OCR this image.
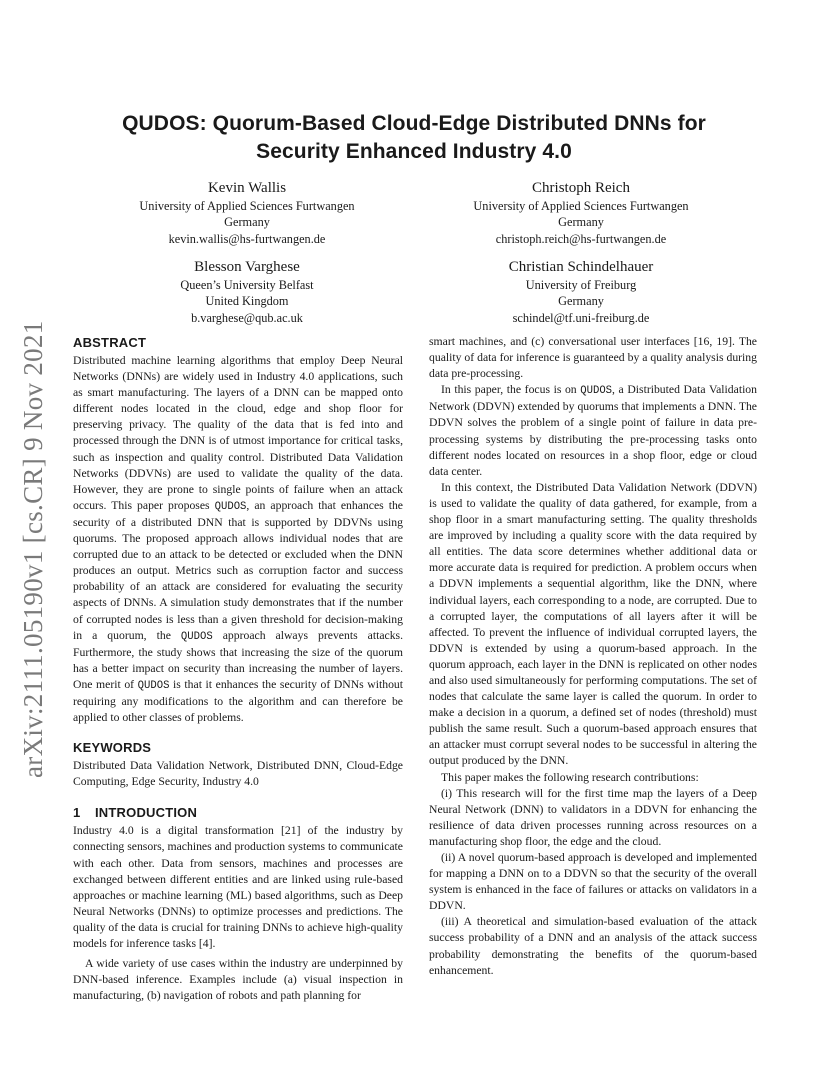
arXiv:2111.05190v1 [cs.CR] 9 Nov 2021
QUDOS: Quorum-Based Cloud-Edge Distributed DNNs for
Security Enhanced Industry 4.0
Kevin Wallis
University of Applied Sciences Furtwangen
Germany
kevin.wallis@hs-furtwangen.de
Christoph Reich
University of Applied Sciences Furtwangen
Germany
christoph.reich@hs-furtwangen.de
Blesson Varghese
Queen’s University Belfast
United Kingdom
b.varghese@qub.ac.uk
Christian Schindelhauer
University of Freiburg
Germany
schindel@tf.uni-freiburg.de
ABSTRACT

Distributed machine learning algorithms that employ Deep Neural Networks (DNNs) are widely used in Industry 4.0 applications, such as smart manufacturing. The layers of a DNN can be mapped onto different nodes located in the cloud, edge and shop floor for preserving privacy. The quality of the data that is fed into and processed through the DNN is of utmost importance for critical tasks, such as inspection and quality control. Distributed Data Validation Networks (DDVNs) are used to validate the quality of the data. However, they are prone to single points of failure when an attack occurs. This paper proposes QUDOS, an approach that enhances the security of a distributed DNN that is supported by DDVNs using quorums. The proposed approach allows individual nodes that are corrupted due to an attack to be detected or excluded when the DNN produces an output. Metrics such as corruption factor and success probability of an attack are considered for evaluating the security aspects of DNNs. A simulation study demonstrates that if the number of corrupted nodes is less than a given threshold for decision-making in a quorum, the QUDOS approach always prevents attacks. Furthermore, the study shows that increasing the size of the quorum has a better impact on security than increasing the number of layers. One merit of QUDOS is that it enhances the security of DNNs without requiring any modifications to the algorithm and can therefore be applied to other classes of problems.

KEYWORDS

Distributed Data Validation Network, Distributed DNN, Cloud-Edge Computing, Edge Security, Industry 4.0

1 INTRODUCTION

Industry 4.0 is a digital transformation [21] of the industry by connecting sensors, machines and production systems to communicate with each other. Data from sensors, machines and processes are exchanged between different entities and are linked using rule-based approaches or machine learning (ML) based algorithms, such as Deep Neural Networks (DNNs) to optimize processes and predictions. The quality of the data is crucial for training DNNs to achieve high-quality models for inference tasks [4].

A wide variety of use cases within the industry are underpinned by DNN-based inference. Examples include (a) visual inspection in manufacturing, (b) navigation of robots and path planning for

smart machines, and (c) conversational user interfaces [16, 19]. The quality of data for inference is guaranteed by a quality analysis during data pre-processing.

In this paper, the focus is on QUDOS, a Distributed Data Validation Network (DDVN) extended by quorums that implements a DNN. The DDVN solves the problem of a single point of failure in data pre-processing systems by distributing the pre-processing tasks onto different nodes located on resources in a shop floor, edge or cloud data center.

In this context, the Distributed Data Validation Network (DDVN) is used to validate the quality of data gathered, for example, from a shop floor in a smart manufacturing setting. The quality thresholds are improved by including a quality score with the data required by all entities. The data score determines whether additional data or more accurate data is required for prediction. A problem occurs when a DDVN implements a sequential algorithm, like the DNN, where individual layers, each corresponding to a node, are corrupted. Due to a corrupted layer, the computations of all layers after it will be affected. To prevent the influence of individual corrupted layers, the DDVN is extended by using a quorum-based approach. In the quorum approach, each layer in the DNN is replicated on other nodes and also used simultaneously for performing computations. The set of nodes that calculate the same layer is called the quorum. In order to make a decision in a quorum, a defined set of nodes (threshold) must publish the same result. Such a quorum-based approach ensures that an attacker must corrupt several nodes to be successful in altering the output produced by the DNN.

This paper makes the following research contributions:

(i) This research will for the first time map the layers of a Deep Neural Network (DNN) to validators in a DDVN for enhancing the resilience of data driven processes running across resources on a manufacturing shop floor, the edge and the cloud.

(ii) A novel quorum-based approach is developed and implemented for mapping a DNN on to a DDVN so that the security of the overall system is enhanced in the face of failures or attacks on validators in a DDVN.

(iii) A theoretical and simulation-based evaluation of the attack success probability of a DNN and an analysis of the attack success probability demonstrating the benefits of the quorum-based enhancement.
